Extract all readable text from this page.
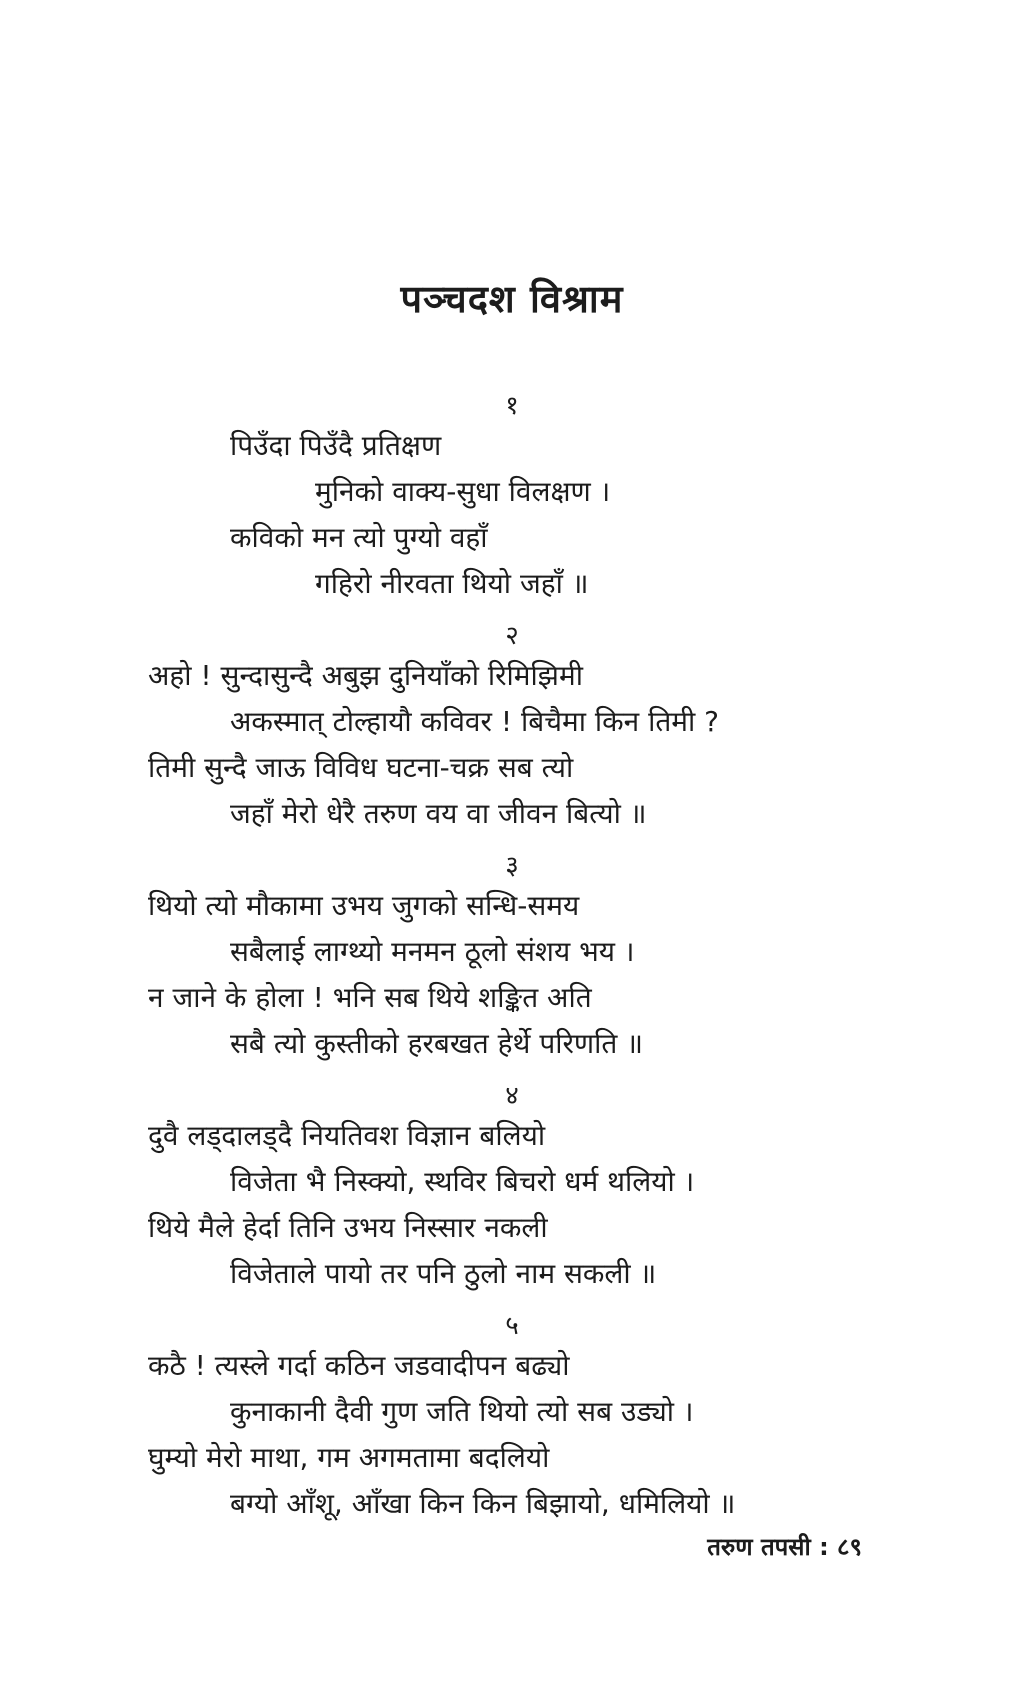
पञ्चदश विश्राम
१
पिउँदा पिउँदै प्रतिक्षण
मुनिको वाक्य-सुधा विलक्षण ।
कविको मन त्यो पुग्यो वहाँ
गहिरो नीरवता थियो जहाँ ॥
२
अहो ! सुन्दासुन्दै अबुझ दुनियाँको रिमिझिमी
अकस्मात् टोल्हायौ कविवर ! बिचैमा किन तिमी ?
तिमी सुन्दै जाऊ विविध घटना-चक्र सब त्यो
जहाँ मेरो धेरै तरुण वय वा जीवन बित्यो ॥
३
थियो त्यो मौकामा उभय जुगको सन्धि-समय
सबैलाई लाग्थ्यो मनमन ठूलो संशय भय ।
न जाने के होला ! भनि सब थिये शङ्कित अति
सबै त्यो कुस्तीको हरबखत हेर्थे परिणति ॥
४
दुवै लड्दालड्दै नियतिवश विज्ञान बलियो
विजेता भै निस्क्यो, स्थविर बिचरो धर्म थलियो ।
थिये मैले हेर्दा तिनि उभय निस्सार नकली
विजेताले पायो तर पनि ठुलो नाम सकली ॥
५
कठै ! त्यस्ले गर्दा कठिन जडवादीपन बढ्यो
कुनाकानी दैवी गुण जति थियो त्यो सब उड्यो ।
घुम्यो मेरो माथा, गम अगमतामा बदलियो
बग्यो आँशू, आँखा किन किन बिझायो, धमिलियो ॥
तरुण तपसी : ८९
